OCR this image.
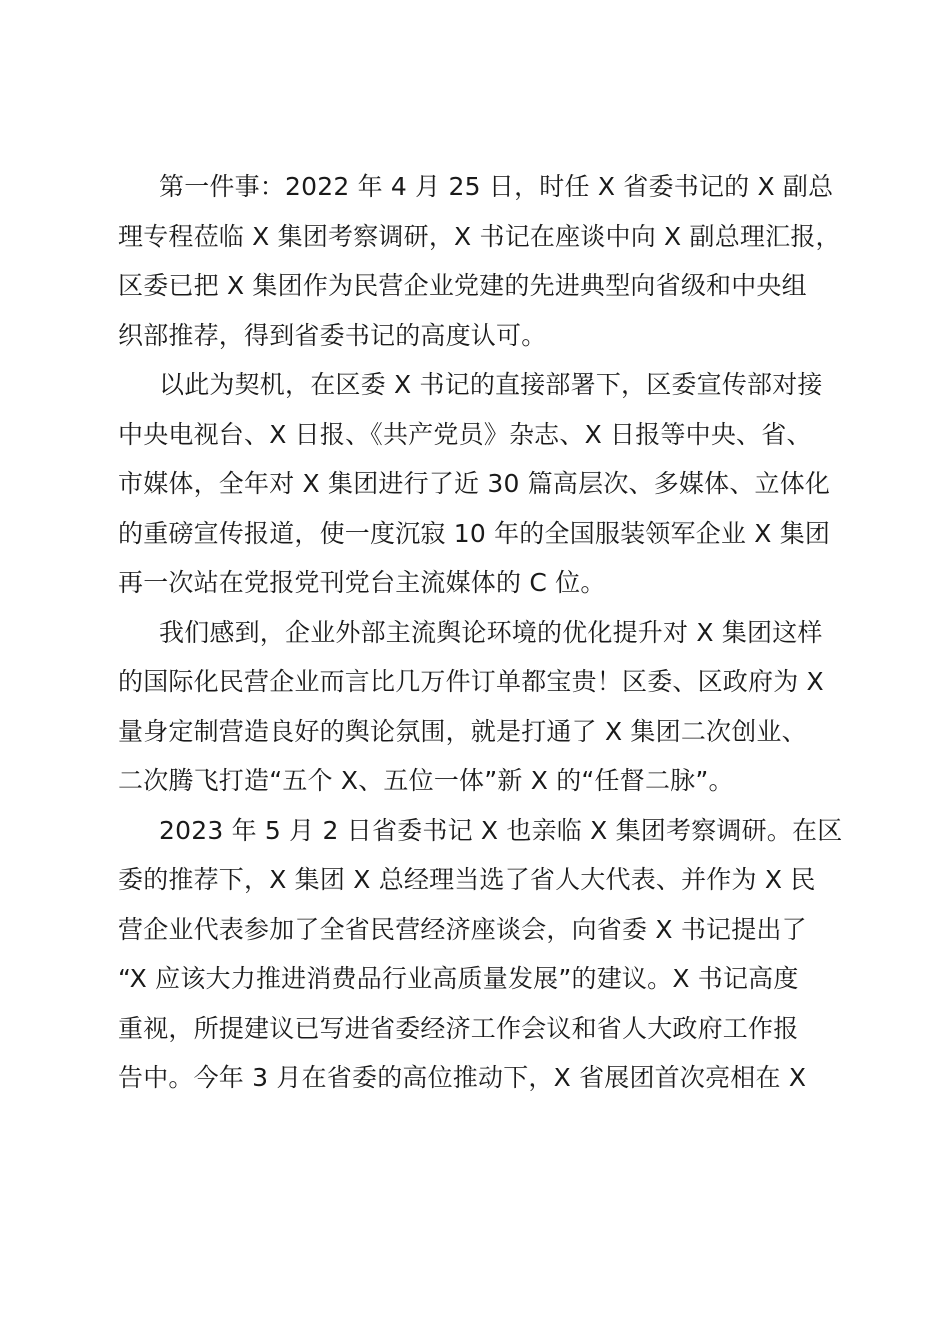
第一件事：2022 年 4 月 25 日，时任 X 省委书记的 X 副总
理专程莅临 X 集团考察调研，X 书记在座谈中向 X 副总理汇报，
区委已把 X 集团作为民营企业党建的先进典型向省级和中央组
织部推荐，得到省委书记的高度认可。

以此为契机，在区委 X 书记的直接部署下，区委宣传部对接
中央电视台、X 日报、《共产党员》杂志、X 日报等中央、省、
市媒体，全年对 X 集团进行了近 30 篇高层次、多媒体、立体化
的重磅宣传报道，使一度沉寂 10 年的全国服装领军企业 X 集团
再一次站在党报党刊党台主流媒体的 C 位。

我们感到，企业外部主流舆论环境的优化提升对 X 集团这样
的国际化民营企业而言比几万件订单都宝贵！区委、区政府为 X
量身定制营造良好的舆论氛围，就是打通了 X 集团二次创业、
二次腾飞打造“五个 X、五位一体”新 X 的“任督二脉”。

2023 年 5 月 2 日省委书记 X 也亲临 X 集团考察调研。在区
委的推荐下，X 集团 X 总经理当选了省人大代表、并作为 X 民
营企业代表参加了全省民营经济座谈会，向省委 X 书记提出了
“X 应该大力推进消费品行业高质量发展”的建议。X 书记高度
重视，所提建议已写进省委经济工作会议和省人大政府工作报
告中。今年 3 月在省委的高位推动下，X 省展团首次亮相在 X
